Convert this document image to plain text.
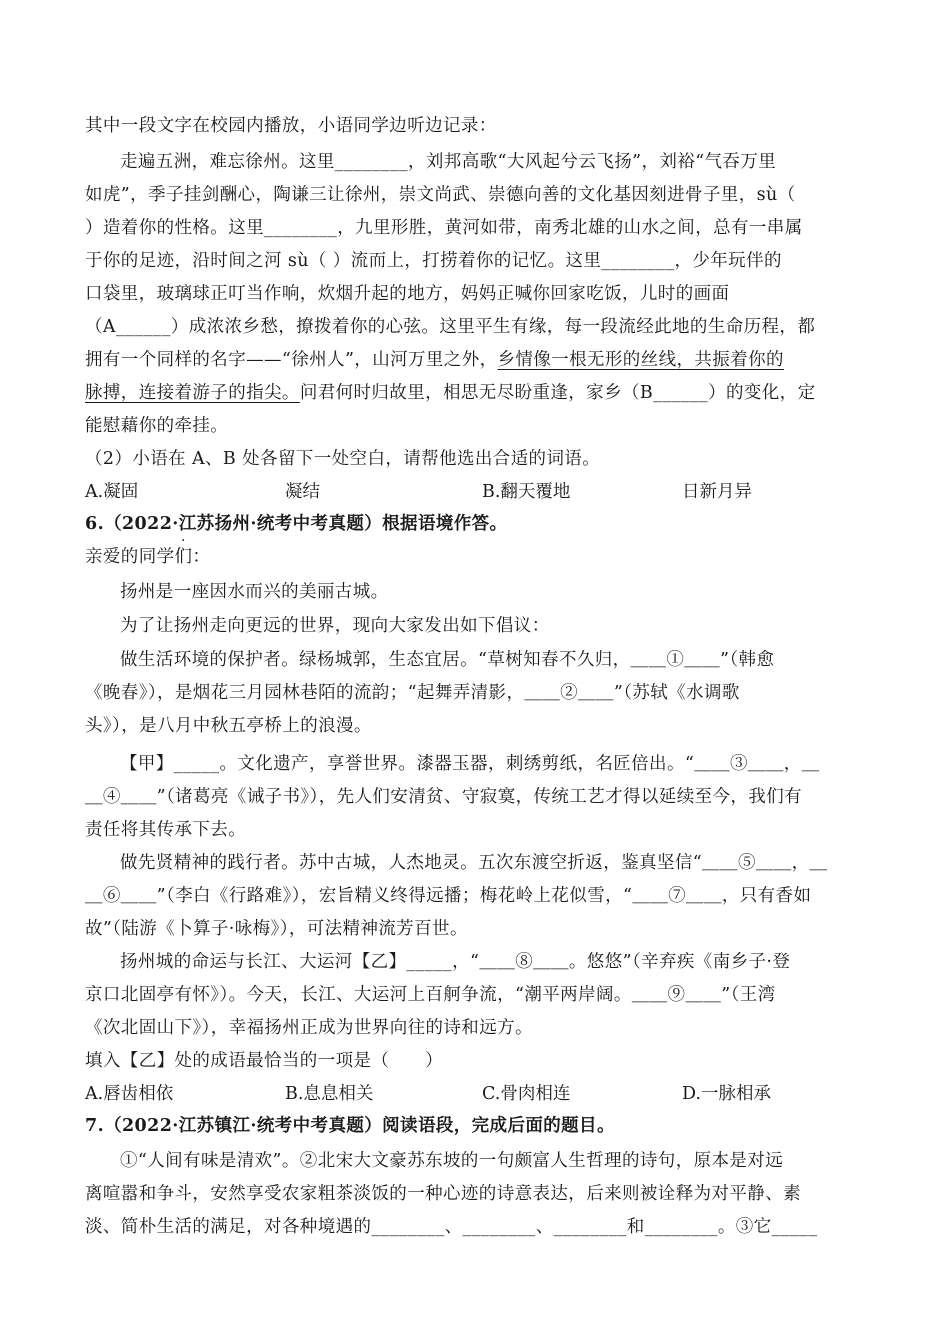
其中一段文字在校园内播放，小语同学边听边记录：
走遍五洲，难忘徐州。这里________，刘邦高歌“大风起兮云飞扬”，刘裕“气吞万里
如虎”，季子挂剑酬心，陶谦三让徐州，崇文尚武、崇德向善的文化基因刻进骨子里，sù（
）造着你的性格。这里________，九里形胜，黄河如带，南秀北雄的山水之间，总有一串属
于你的足迹，沿时间之河 sù（ ）流而上，打捞着你的记忆。这里________，少年玩伴的
口袋里，玻璃球正叮当作响，炊烟升起的地方，妈妈正喊你回家吃饭，儿时的画面
（A______）成浓浓乡愁，撩拨着你的心弦。这里平生有缘，每一段流经此地的生命历程，都
拥有一个同样的名字——“徐州人”，山河万里之外，乡情像一根无形的丝线，共振着你的
脉搏，连接着游子的指尖。问君何时归故里，相思无尽盼重逢，家乡（B______）的变化，定
能慰藉你的牵挂。
（2）小语在 A、B 处各留下一处空白，请帮他选出合适的词语。
A.凝固	凝结	B.翻天覆地	日新月异
6.（2022·江苏扬州·统考中考真题）根据语境作答。
亲爱的同学们：
扬州是一座因水而兴的美丽古城。
为了让扬州走向更远的世界，现向大家发出如下倡议：
做生活环境的保护者。绿杨城郭，生态宜居。“草树知春不久归，＿＿①＿＿”（韩愈
《晚春》），是烟花三月园林巷陌的流韵；“起舞弄清影，＿＿②＿＿”（苏轼《水调歌
头》），是八月中秋五亭桥上的浪漫。
【甲】_____。文化遗产，享誉世界。漆器玉器，刺绣剪纸，名匠倍出。“＿＿③＿＿，＿
＿④＿＿”（诸葛亮《诫子书》），先人们安清贫、守寂寞，传统工艺才得以延续至今，我们有
责任将其传承下去。
做先贤精神的践行者。苏中古城，人杰地灵。五次东渡空折返，鉴真坚信“＿＿⑤＿＿，＿
＿⑥＿＿”（李白《行路难》），宏旨精义终得远播；梅花岭上花似雪，“＿＿⑦＿＿，只有香如
故”（陆游《卜算子·咏梅》），可法精神流芳百世。
扬州城的命运与长江、大运河【乙】_____，“＿＿⑧＿＿。悠悠”（辛弃疾《南乡子·登
京口北固亭有怀》）。今天，长江、大运河上百舸争流，“潮平两岸阔。＿＿⑨＿＿”（王湾
《次北固山下》），幸福扬州正成为世界向往的诗和远方。
填入【乙】处的成语最恰当的一项是（　　）
A.唇齿相依	B.息息相关	C.骨肉相连	D.一脉相承
7.（2022·江苏镇江·统考中考真题）阅读语段，完成后面的题目。
①“人间有味是清欢”。②北宋大文豪苏东坡的一句颇富人生哲理的诗句，原本是对远
离喧嚣和争斗，安然享受农家粗茶淡饭的一种心迹的诗意表达，后来则被诠释为对平静、素
淡、简朴生活的满足，对各种境遇的________、________、________和________。③它_____
